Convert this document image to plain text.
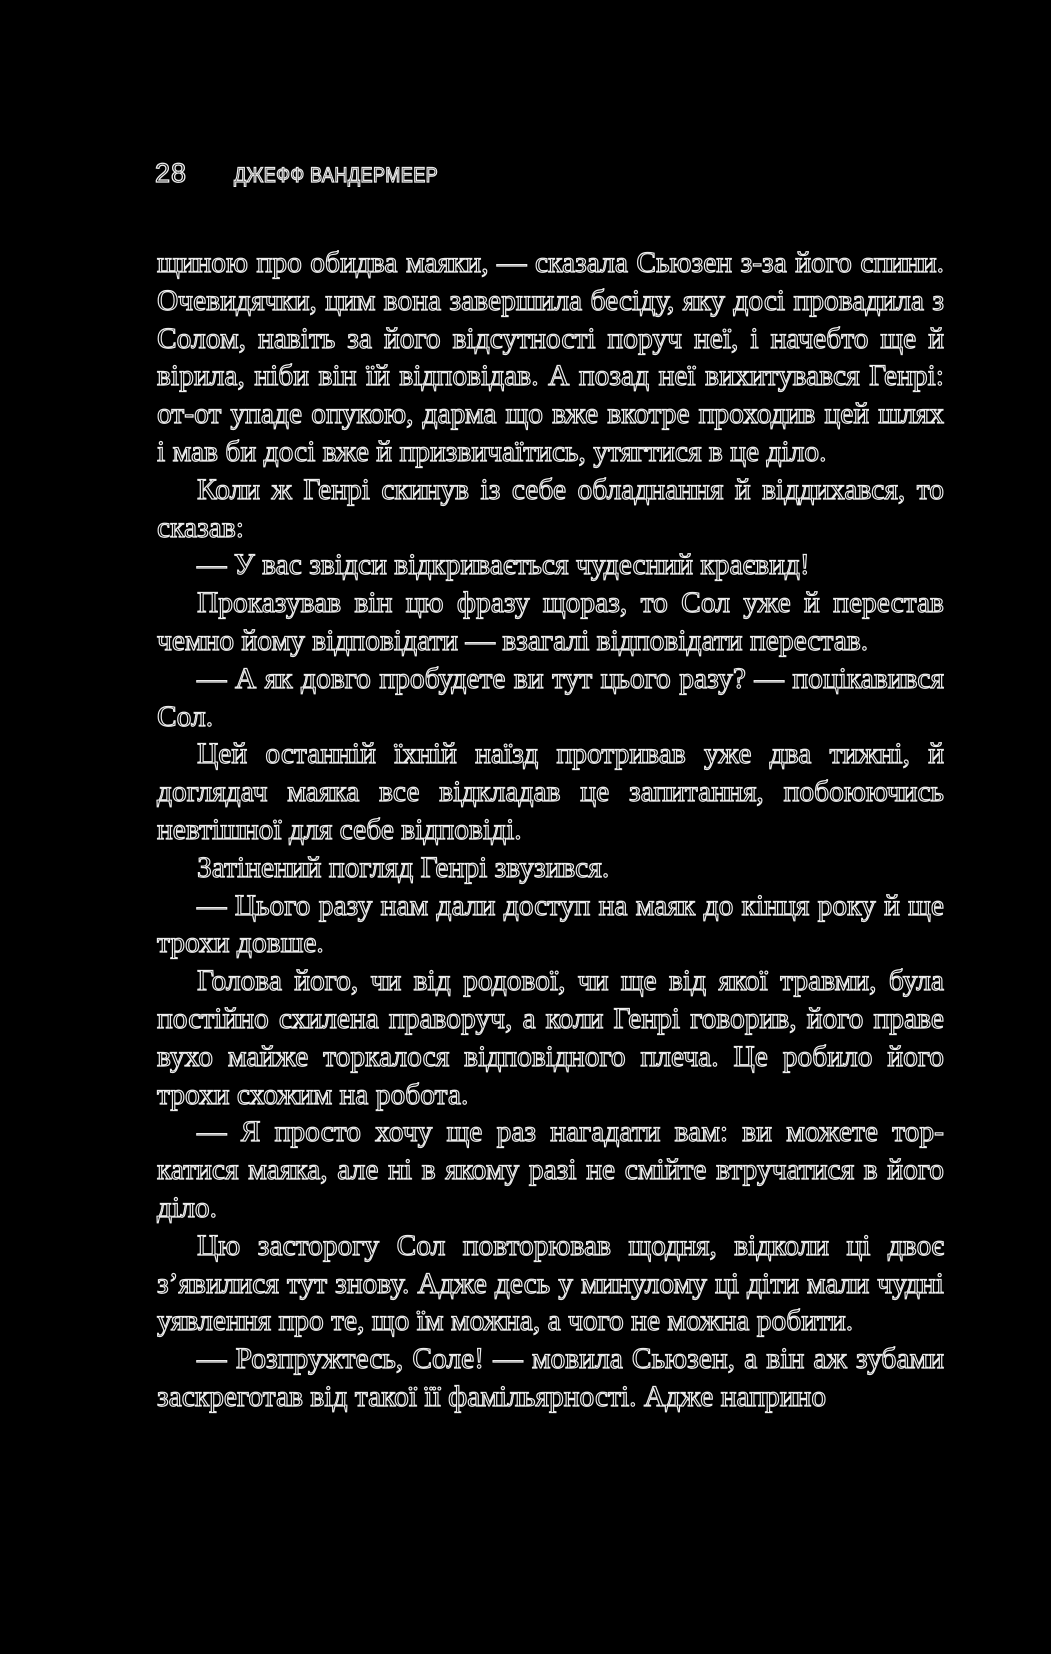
28	ДЖЕФФ ВАНДЕРМЕЕР

щиною про обидва маяки, — сказала Сьюзен з-за його спини. Очевидячки, цим вона завершила бесіду, яку досі провадила з Солом, навіть за його відсутності поруч неї, і начебто ще й вірила, ніби він їй відповідав. А позад неї вихитувався Генрі: от-от упаде опукою, дарма що вже вкотре проходив цей шлях і мав би досі вже й призвичаїтись, утягтися в це діло.

Коли ж Генрі скинув із себе обладнання й віддихався, то сказав:

— У вас звідси відкривається чудесний краєвид!

Проказував він цю фразу щораз, то Сол уже й перестав чемно йому відповідати — взагалі відповідати перестав.

— А як довго пробудете ви тут цього разу? — поцікавився Сол.

Цей останній їхній наїзд протривав уже два тижні, й доглядач маяка все відкладав це запитання, побоюючись невтішної для себе відповіді.

Затінений погляд Генрі звузився.

— Цього разу нам дали доступ на маяк до кінця року й ще трохи довше.

Голова його, чи від родової, чи ще від якої травми, була постійно схилена праворуч, а коли Генрі говорив, його праве вухо майже торкалося відповідного плеча. Це робило його трохи схожим на робота.

— Я просто хочу ще раз нагадати вам: ви можете торкатися маяка, але ні в якому разі не смійте втручатися в його діло.

Цю засторогу Сол повторював щодня, відколи ці двоє з’явилися тут знову. Адже десь у минулому ці діти мали чудні уявлення про те, що їм можна, а чого не можна робити.

— Розпружтесь, Соле! — мовила Сьюзен, а він аж зубами заскреготав від такої її фамільярності. Адже наприно
